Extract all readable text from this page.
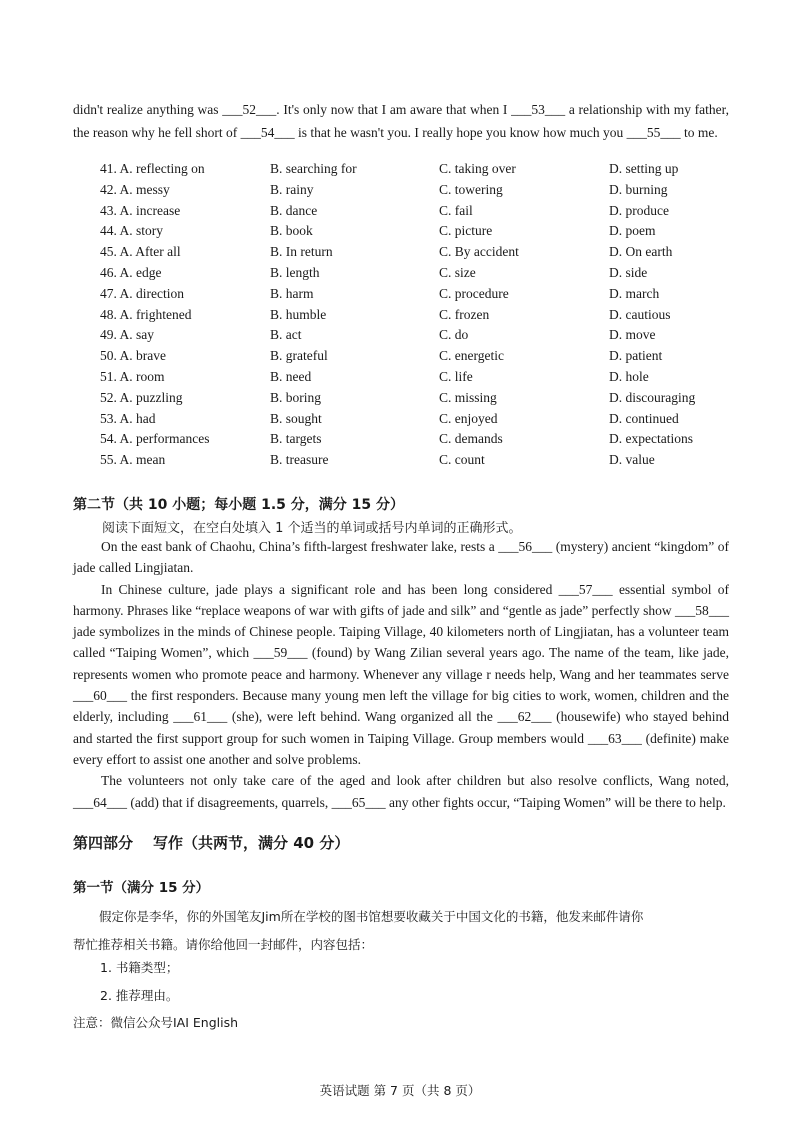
didn't realize anything was ___52___. It's only now that I am aware that when I ___53___ a relationship with my father, the reason why he fell short of ___54___ is that he wasn't you. I really hope you know how much you ___55___ to me.
41. A. reflecting on	B. searching for	C. taking over	D. setting up
42. A. messy	B. rainy	C. towering	D. burning
43. A. increase	B. dance	C. fail	D. produce
44. A. story	B. book	C. picture	D. poem
45. A. After all	B. In return	C. By accident	D. On earth
46. A. edge	B. length	C. size	D. side
47. A. direction	B. harm	C. procedure	D. march
48. A. frightened	B. humble	C. frozen	D. cautious
49. A. say	B. act	C. do	D. move
50. A. brave	B. grateful	C. energetic	D. patient
51. A. room	B. need	C. life	D. hole
52. A. puzzling	B. boring	C. missing	D. discouraging
53. A. had	B. sought	C. enjoyed	D. continued
54. A. performances	B. targets	C. demands	D. expectations
55. A. mean	B. treasure	C. count	D. value
第二节（共 10 小题；每小题 1.5 分，满分 15 分）
阅读下面短文，在空白处填入 1 个适当的单词或括号内单词的正确形式。

On the east bank of Chaohu, China’s fifth-largest freshwater lake, rests a ___56___ (mystery) ancient “kingdom” of jade called Lingjiatan.

In Chinese culture, jade plays a significant role and has been long considered ___57___ essential symbol of harmony. Phrases like “replace weapons of war with gifts of jade and silk” and “gentle as jade” perfectly show ___58___ jade symbolizes in the minds of Chinese people. Taiping Village, 40 kilometers north of Lingjiatan, has a volunteer team called “Taiping Women”, which ___59___ (found) by Wang Zilian several years ago. The name of the team, like jade, represents women who promote peace and harmony. Whenever any village r needs help, Wang and her teammates serve ___60___ the first responders. Because many young men left the village for big cities to work, women, children and the elderly, including ___61___ (she), were left behind. Wang organized all the ___62___ (housewife) who stayed behind and started the first support group for such women in Taiping Village. Group members would ___63___ (definite) make every effort to assist one another and solve problems.

The volunteers not only take care of the aged and look after children but also resolve conflicts, Wang noted, ___64___ (add) that if disagreements, quarrels, ___65___ any other fights occur, “Taiping Women” will be there to help.

第四部分 写作（共两节，满分 40 分）
第一节（满分 15 分）
假定你是李华，你的外国笔友Jim所在学校的图书馆想要收藏关于中国文化的书籍，他发来邮件请你
帮忙推荐相关书籍。请你给他回一封邮件，内容包括：
1. 书籍类型；
2. 推荐理由。
注意：微信公众号IAI English
英语试题 第 7 页（共 8 页）
